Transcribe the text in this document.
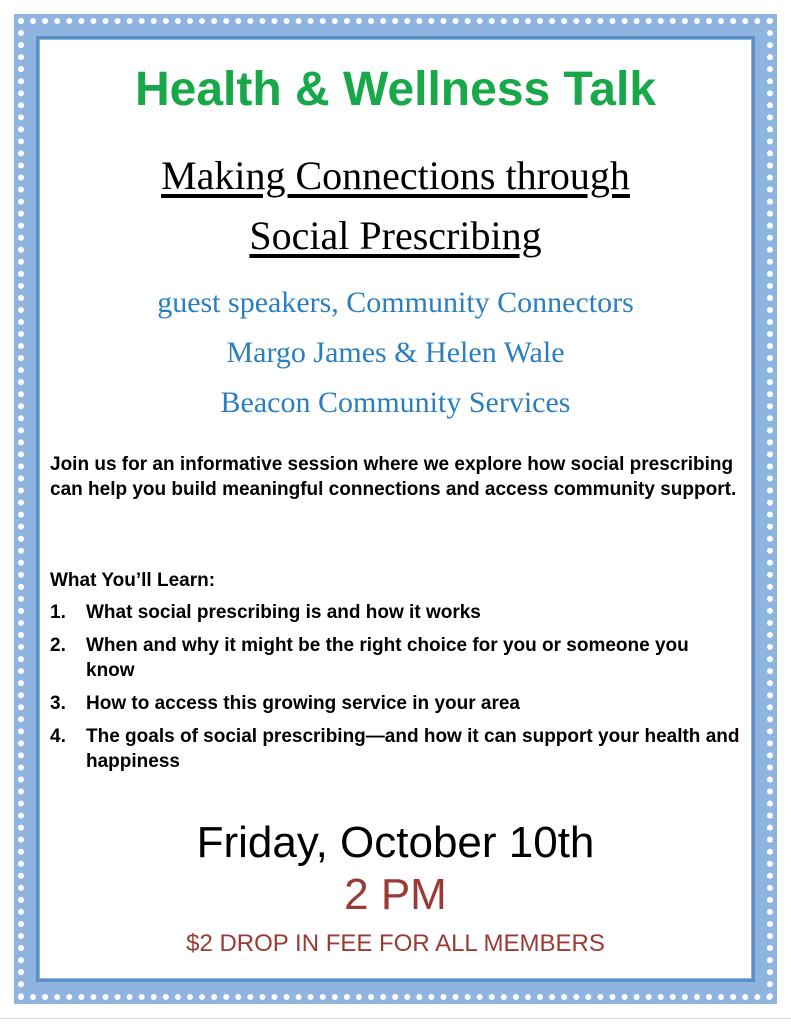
Health & Wellness Talk
Making Connections through
Social Prescribing
guest speakers, Community Connectors
Margo James & Helen Wale
Beacon Community Services
Join us for an informative session where we explore how social prescribing can help you build meaningful connections and access community support.
What You’ll Learn:
1.	What social prescribing is and how it works
2.	When and why it might be the right choice for you or someone you know
3.	How to access this growing service in your area
4.	The goals of social prescribing—and how it can support your health and happiness
Friday, October 10th
2 PM
$2 DROP IN FEE FOR ALL MEMBERS
